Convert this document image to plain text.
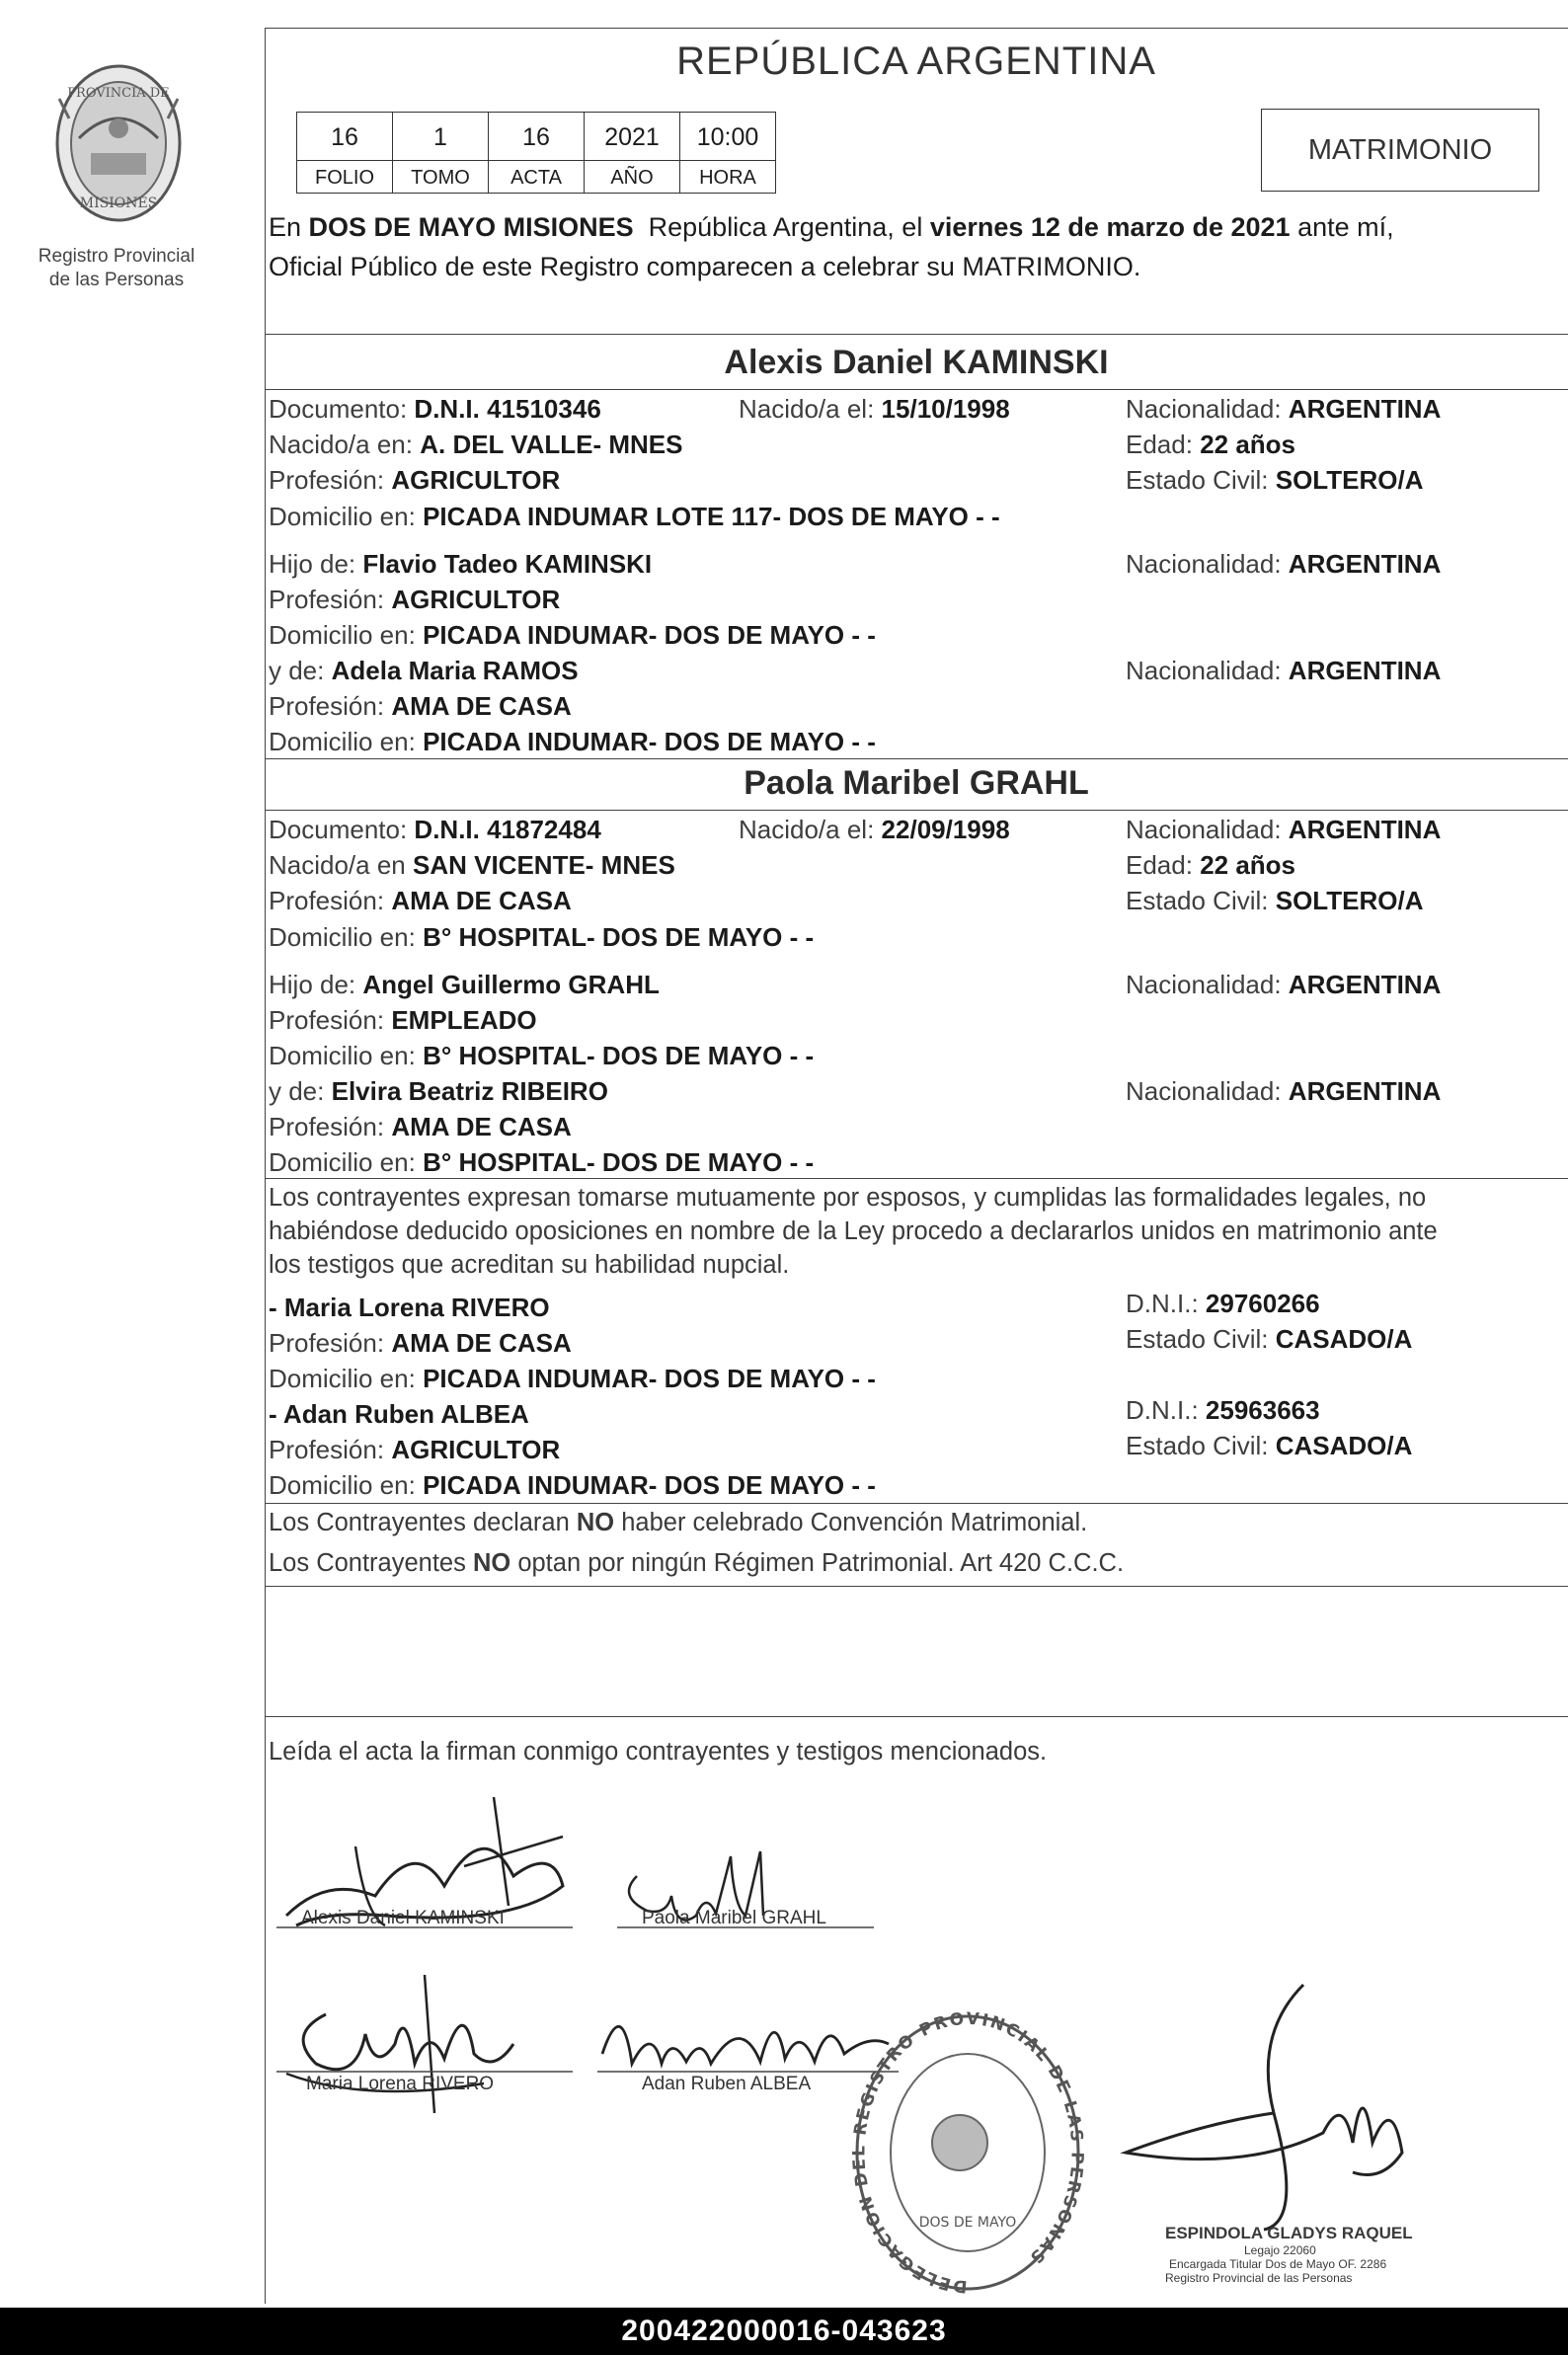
PROVINCIA DE
MISIONES
Registro Provincial
de las Personas
REPÚBLICA ARGENTINA
16	1	16	2021	10:00
FOLIO	TOMO	ACTA	AÑO	HORA
MATRIMONIO
En DOS DE MAYO MISIONES República Argentina, el viernes 12 de marzo de 2021 ante mí,
Oficial Público de este Registro comparecen a celebrar su MATRIMONIO.
Alexis Daniel KAMINSKI
Documento: D.N.I. 41510346	Nacido/a el: 15/10/1998	Nacionalidad: ARGENTINA
Nacido/a en: A. DEL VALLE- MNES	Edad: 22 años
Profesión: AGRICULTOR	Estado Civil: SOLTERO/A
Domicilio en: PICADA INDUMAR LOTE 117- DOS DE MAYO - -
Hijo de: Flavio Tadeo KAMINSKI	Nacionalidad: ARGENTINA
Profesión: AGRICULTOR
Domicilio en: PICADA INDUMAR- DOS DE MAYO - -
y de: Adela Maria RAMOS	Nacionalidad: ARGENTINA
Profesión: AMA DE CASA
Domicilio en: PICADA INDUMAR- DOS DE MAYO - -
Paola Maribel GRAHL
Documento: D.N.I. 41872484	Nacido/a el: 22/09/1998	Nacionalidad: ARGENTINA
Nacido/a en SAN VICENTE- MNES	Edad: 22 años
Profesión: AMA DE CASA	Estado Civil: SOLTERO/A
Domicilio en: B° HOSPITAL- DOS DE MAYO - -
Hijo de: Angel Guillermo GRAHL	Nacionalidad: ARGENTINA
Profesión: EMPLEADO
Domicilio en: B° HOSPITAL- DOS DE MAYO - -
y de: Elvira Beatriz RIBEIRO	Nacionalidad: ARGENTINA
Profesión: AMA DE CASA
Domicilio en: B° HOSPITAL- DOS DE MAYO - -
Los contrayentes expresan tomarse mutuamente por esposos, y cumplidas las formalidades legales, no
habiéndose deducido oposiciones en nombre de la Ley procedo a declararlos unidos en matrimonio ante
los testigos que acreditan su habilidad nupcial.
- Maria Lorena RIVERO	D.N.I.: 29760266
Profesión: AMA DE CASA	Estado Civil: CASADO/A
Domicilio en: PICADA INDUMAR- DOS DE MAYO - -
- Adan Ruben ALBEA	D.N.I.: 25963663
Profesión: AGRICULTOR	Estado Civil: CASADO/A
Domicilio en: PICADA INDUMAR- DOS DE MAYO - -
Los Contrayentes declaran NO haber celebrado Convención Matrimonial.
Los Contrayentes NO optan por ningún Régimen Patrimonial. Art 420 C.C.C.
Leída el acta la firman conmigo contrayentes y testigos mencionados.
Alexis Daniel KAMINSKI	Paola Maribel GRAHL
Maria Lorena RIVERO	Adan Ruben ALBEA
DELEGACION DEL REGISTRO PROVINCIAL DE LAS PERSONAS
DOS DE MAYO
ESPINDOLA GLADYS RAQUEL
Legajo 22060
Encargada Titular Dos de Mayo OF. 2286
Registro Provincial de las Personas
200422000016-043623
